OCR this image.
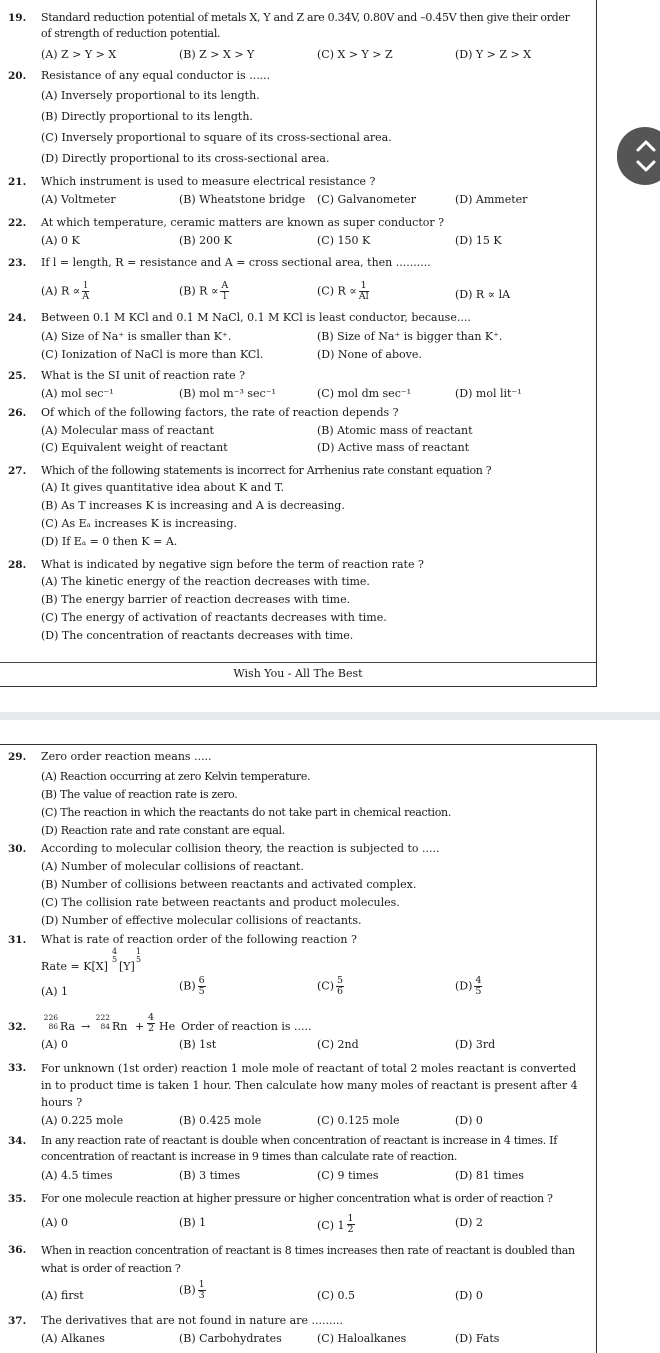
19. Standard reduction potential of metals X, Y and Z are 0.34V, 0.80V and –0.45V then give their order of strength of reduction potential.
(A) Z > Y > X	(B) Z > X > Y	(C) X > Y > Z	(D) Y > Z > X
20. Resistance of any equal conductor is ......
(A) Inversely proportional to its length.
(B) Directly proportional to its length.
(C) Inversely proportional to square of its cross-sectional area.
(D) Directly proportional to its cross-sectional area.
21. Which instrument is used to measure electrical resistance ?
(A) Voltmeter	(B) Wheatstone bridge (C) Galvanometer	(D) Ammeter
22. At which temperature, ceramic matters are known as super conductor ?
(A) 0 K	(B) 200 K	(C) 150 K	(D) 15 K
23. If l = length, R = resistance and A = cross sectional area, then ..........
(A) $R \propto \frac{l}{A}$	(B) $R \propto \frac{A}{l}$	(C) $R \propto \frac{1}{Al}$	(D) R ∝ lA
24. Between 0.1 M KCl and 0.1 M NaCl, 0.1 M KCl is least conductor, because....
(A) Size of Na⁺ is smaller than K⁺.	(B) Size of Na⁺ is bigger than K⁺.
(C) Ionization of NaCl is more than KCl.	(D) None of above.
25. What is the SI unit of reaction rate ?
(A) mol sec⁻¹	(B) mol m⁻³ sec⁻¹	(C) mol dm sec⁻¹	(D) mol lit⁻¹
26. Of which of the following factors, the rate of reaction depends ?
(A) Molecular mass of reactant	(B) Atomic mass of reactant
(C) Equivalent weight of reactant	(D) Active mass of reactant
27. Which of the following statements is incorrect for Arrhenius rate constant equation ?
(A) It gives quantitative idea about K and T.
(B) As T increases K is increasing and A is decreasing.
(C) As Eₐ increases K is increasing.
(D) If Eₐ = 0 then K = A.
28. What is indicated by negative sign before the term of reaction rate ?
(A) The kinetic energy of the reaction decreases with time.
(B) The energy barrier of reaction decreases with time.
(C) The energy of activation of reactants decreases with time.
(D) The concentration of reactants decreases with time.
Wish You - All The Best
29. Zero order reaction means .....
(A) Reaction occurring at zero Kelvin temperature.
(B) The value of reaction rate is zero.
(C) The reaction in which the reactants do not take part in chemical reaction.
(D) Reaction rate and rate constant are equal.
30. According to molecular collision theory, the reaction is subjected to .....
(A) Number of molecular collisions of reactant.
(B) Number of collisions between reactants and activated complex.
(C) The collision rate between reactants and product molecules.
(D) Number of effective molecular collisions of reactants.
31. What is rate of reaction order of the following reaction ?
Rate = K[X]
4
5
[Y]
1
5
(A) 1	$(B) \frac{6}{5}$	$(C) \frac{5}{6}$	$(D) \frac{4}{5}$
32.
226
86 Ra →
222
84 $Rn + \frac{4}{2}$ He Order of reaction is .....
(A) 0	(B) 1st	(C) 2nd	(D) 3rd
33. For unknown (1st order) reaction 1 mole mole of reactant of total 2 moles reactant is converted in to product time is taken 1 hour. Then calculate how many moles of reactant is present after 4 hours ?
(A) 0.225 mole	(B) 0.425 mole	(C) 0.125 mole	(D) 0
34. In any reaction rate of reactant is double when concentration of reactant is increase in 4 times. If concentration of reactant is increase in 9 times than calculate rate of reaction.
(A) 4.5 times	(B) 3 times	(C) 9 times	(D) 81 times
35. For one molecule reaction at higher pressure or higher concentration what is order of reaction ?
(A) 0	(B) 1	(C) $1 \frac{1}{2}$	(D) 2
36. When in reaction concentration of reactant is 8 times increases then rate of reactant is doubled than what is order of reaction ?
(A) first	$(B) \frac{1}{3}$	(C) 0.5	(D) 0
37. The derivatives that are not found in nature are .........
(A) Alkanes	(B) Carbohydrates	(C) Haloalkanes	(D) Fats
